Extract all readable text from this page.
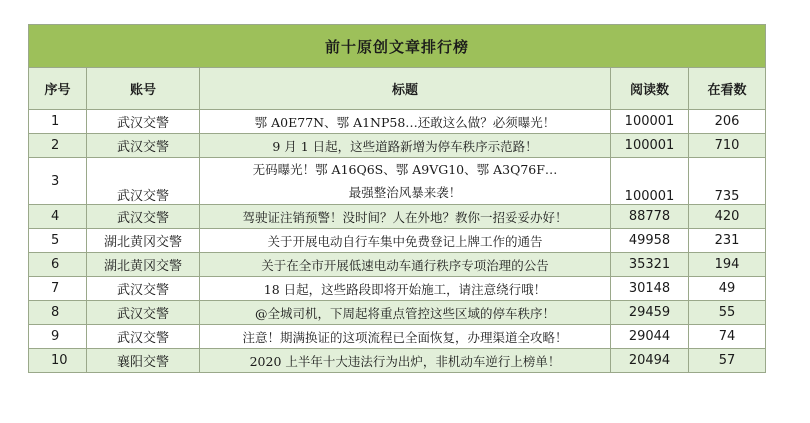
前十原创文章排行榜				
序号	账号	标题	阅读数	在看数
1	武汉交警	鄂 A0E77N、鄂 A1NP58…还敢这么做？必须曝光！	100001	206
2	武汉交警	9 月 1 日起，这些道路新增为停车秩序示范路！	100001	710
3	武汉交警	无码曝光！鄂 A16Q6S、鄂 A9VG10、鄂 A3Q76F…
最强整治风暴来袭！	100001	735
4	武汉交警	驾驶证注销预警！没时间？人在外地？教你一招妥妥办好！	88778	420
5	湖北黄冈交警	关于开展电动自行车集中免费登记上牌工作的通告	49958	231
6	湖北黄冈交警	关于在全市开展低速电动车通行秩序专项治理的公告	35321	194
7	武汉交警	18 日起，这些路段即将开始施工，请注意绕行哦！	30148	49
8	武汉交警	@全城司机，下周起将重点管控这些区域的停车秩序！	29459	55
9	武汉交警	注意！期满换证的这项流程已全面恢复，办理渠道全攻略！	29044	74
10	襄阳交警	2020 上半年十大违法行为出炉，非机动车逆行上榜单！	20494	57
